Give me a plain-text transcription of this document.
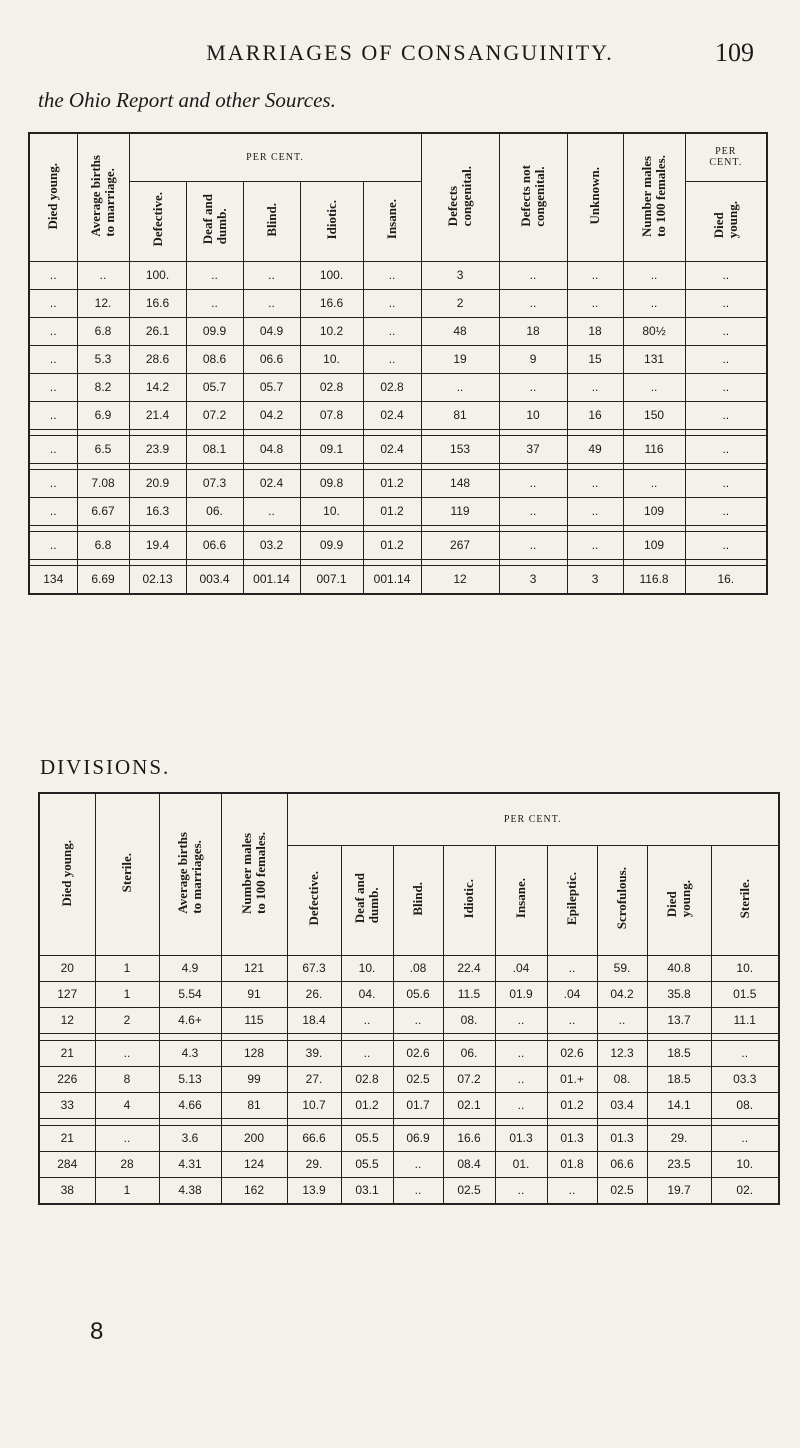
MARRIAGES OF CONSANGUINITY.	109
the Ohio Report and other Sources.
Died young.	Average births
to marriage.	PER CENT.					Defects
congenital.	Defects not
congenital.	Unknown.	Number males
to 100 females.	PER
CENT.
		Defective.	Deaf and
dumb.	Blind.	Idiotic.	Insane.					Died
young.
..	..	100.	..	..	100.	..	3	..	..	..	..
..	12.	16.6	..	..	16.6	..	2	..	..	..	..
..	6.8	26.1	09.9	04.9	10.2	..	48	18	18	80½	..
..	5.3	28.6	08.6	06.6	10.	..	19	9	15	131	..
..	8.2	14.2	05.7	05.7	02.8	02.8	..	..	..	..	..
..	6.9	21.4	07.2	04.2	07.8	02.4	81	10	16	150	..

..	6.5	23.9	08.1	04.8	09.1	02.4	153	37	49	116	..

..	7.08	20.9	07.3	02.4	09.8	01.2	148	..	..	..	..
..	6.67	16.3	06.	..	10.	01.2	119	..	..	109	..

..	6.8	19.4	06.6	03.2	09.9	01.2	267	..	..	109	..

134	6.69	02.13	003.4	001.14	007.1	001.14	12	3	3	116.8	16.
DIVISIONS.
Died young.	Sterile.	Average births
to marriages.	Number males
to 100 females.	PER CENT.								
				Defective.	Deaf and
dumb.	Blind.	Idiotic.	Insane.	Epileptic.	Scrofulous.	Died
young.	Sterile.
20	1	4.9	121	67.3	10.	.08	22.4	.04	..	59.	40.8	10.
127	1	5.54	91	26.	04.	05.6	11.5	01.9	.04	04.2	35.8	01.5
12	2	4.6+	115	18.4	..	..	08.	..	..	..	13.7	11.1

21	..	4.3	128	39.	..	02.6	06.	..	02.6	12.3	18.5	..
226	8	5.13	99	27.	02.8	02.5	07.2	..	01.+	08.	18.5	03.3
33	4	4.66	81	10.7	01.2	01.7	02.1	..	01.2	03.4	14.1	08.

21	..	3.6	200	66.6	05.5	06.9	16.6	01.3	01.3	01.3	29.	..
284	28	4.31	124	29.	05.5	..	08.4	01.	01.8	06.6	23.5	10.
38	1	4.38	162	13.9	03.1	..	02.5	..	..	02.5	19.7	02.
8
